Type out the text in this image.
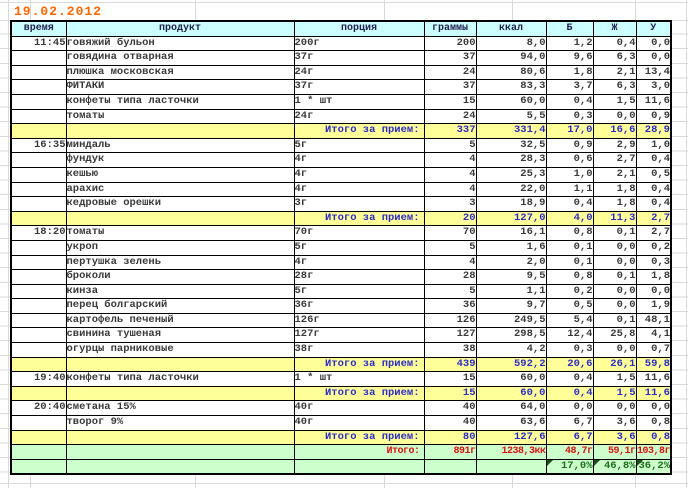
19.02.2012
время	продукт	порция	граммы	ккал	Б	Ж	У
11:45	говяжий бульон	200г	200	8,0	1,2	0,4	0,0
	говядина отварная	37г	37	94,0	9,6	6,3	0,0
	плюшка московская	24г	24	80,6	1,8	2,1	13,4
	ФИТАКИ	37г	37	83,3	3,7	6,3	3,0
	конфеты типа ласточки	1 * шт	15	60,0	0,4	1,5	11,6
	томаты	24г	24	5,5	0,3	0,0	0,9
		Итого за прием:	337	331,4	17,0	16,6	28,9
16:35	миндаль	5г	5	32,5	0,9	2,9	1,0
	фундук	4г	4	28,3	0,6	2,7	0,4
	кешью	4г	4	25,3	1,0	2,1	0,5
	арахис	4г	4	22,0	1,1	1,8	0,4
	кедровые орешки	3г	3	18,9	0,4	1,8	0,4
		Итого за прием:	20	127,0	4,0	11,3	2,7
18:20	томаты	70г	70	16,1	0,8	0,1	2,7
	укроп	5г	5	1,6	0,1	0,0	0,2
	пертушка зелень	4г	4	2,0	0,1	0,0	0,3
	броколи	28г	28	9,5	0,8	0,1	1,8
	кинза	5г	5	1,1	0,2	0,0	0,0
	перец болгарский	36г	36	9,7	0,5	0,0	1,9
	картофель печеный	126г	126	249,5	5,4	0,1	48,1
	свинина тушеная	127г	127	298,5	12,4	25,8	4,1
	огурцы парниковые	38г	38	4,2	0,3	0,0	0,7
		Итого за прием:	439	592,2	20,6	26,1	59,8
19:40	конфеты типа ласточки	1 * шт	15	60,0	0,4	1,5	11,6
		Итого за прием:	15	60,0	0,4	1,5	11,6
20:40	сметана 15%	40г	40	64,0	0,0	0,0	0,0
	творог 9%	40г	40	63,6	6,7	3,6	0,8
		Итого за прием:	80	127,6	6,7	3,6	0,8
		Итого:	891г	1238,3кк	48,7г	59,1г	103,8г
					17,0%	46,8%	36,2%
